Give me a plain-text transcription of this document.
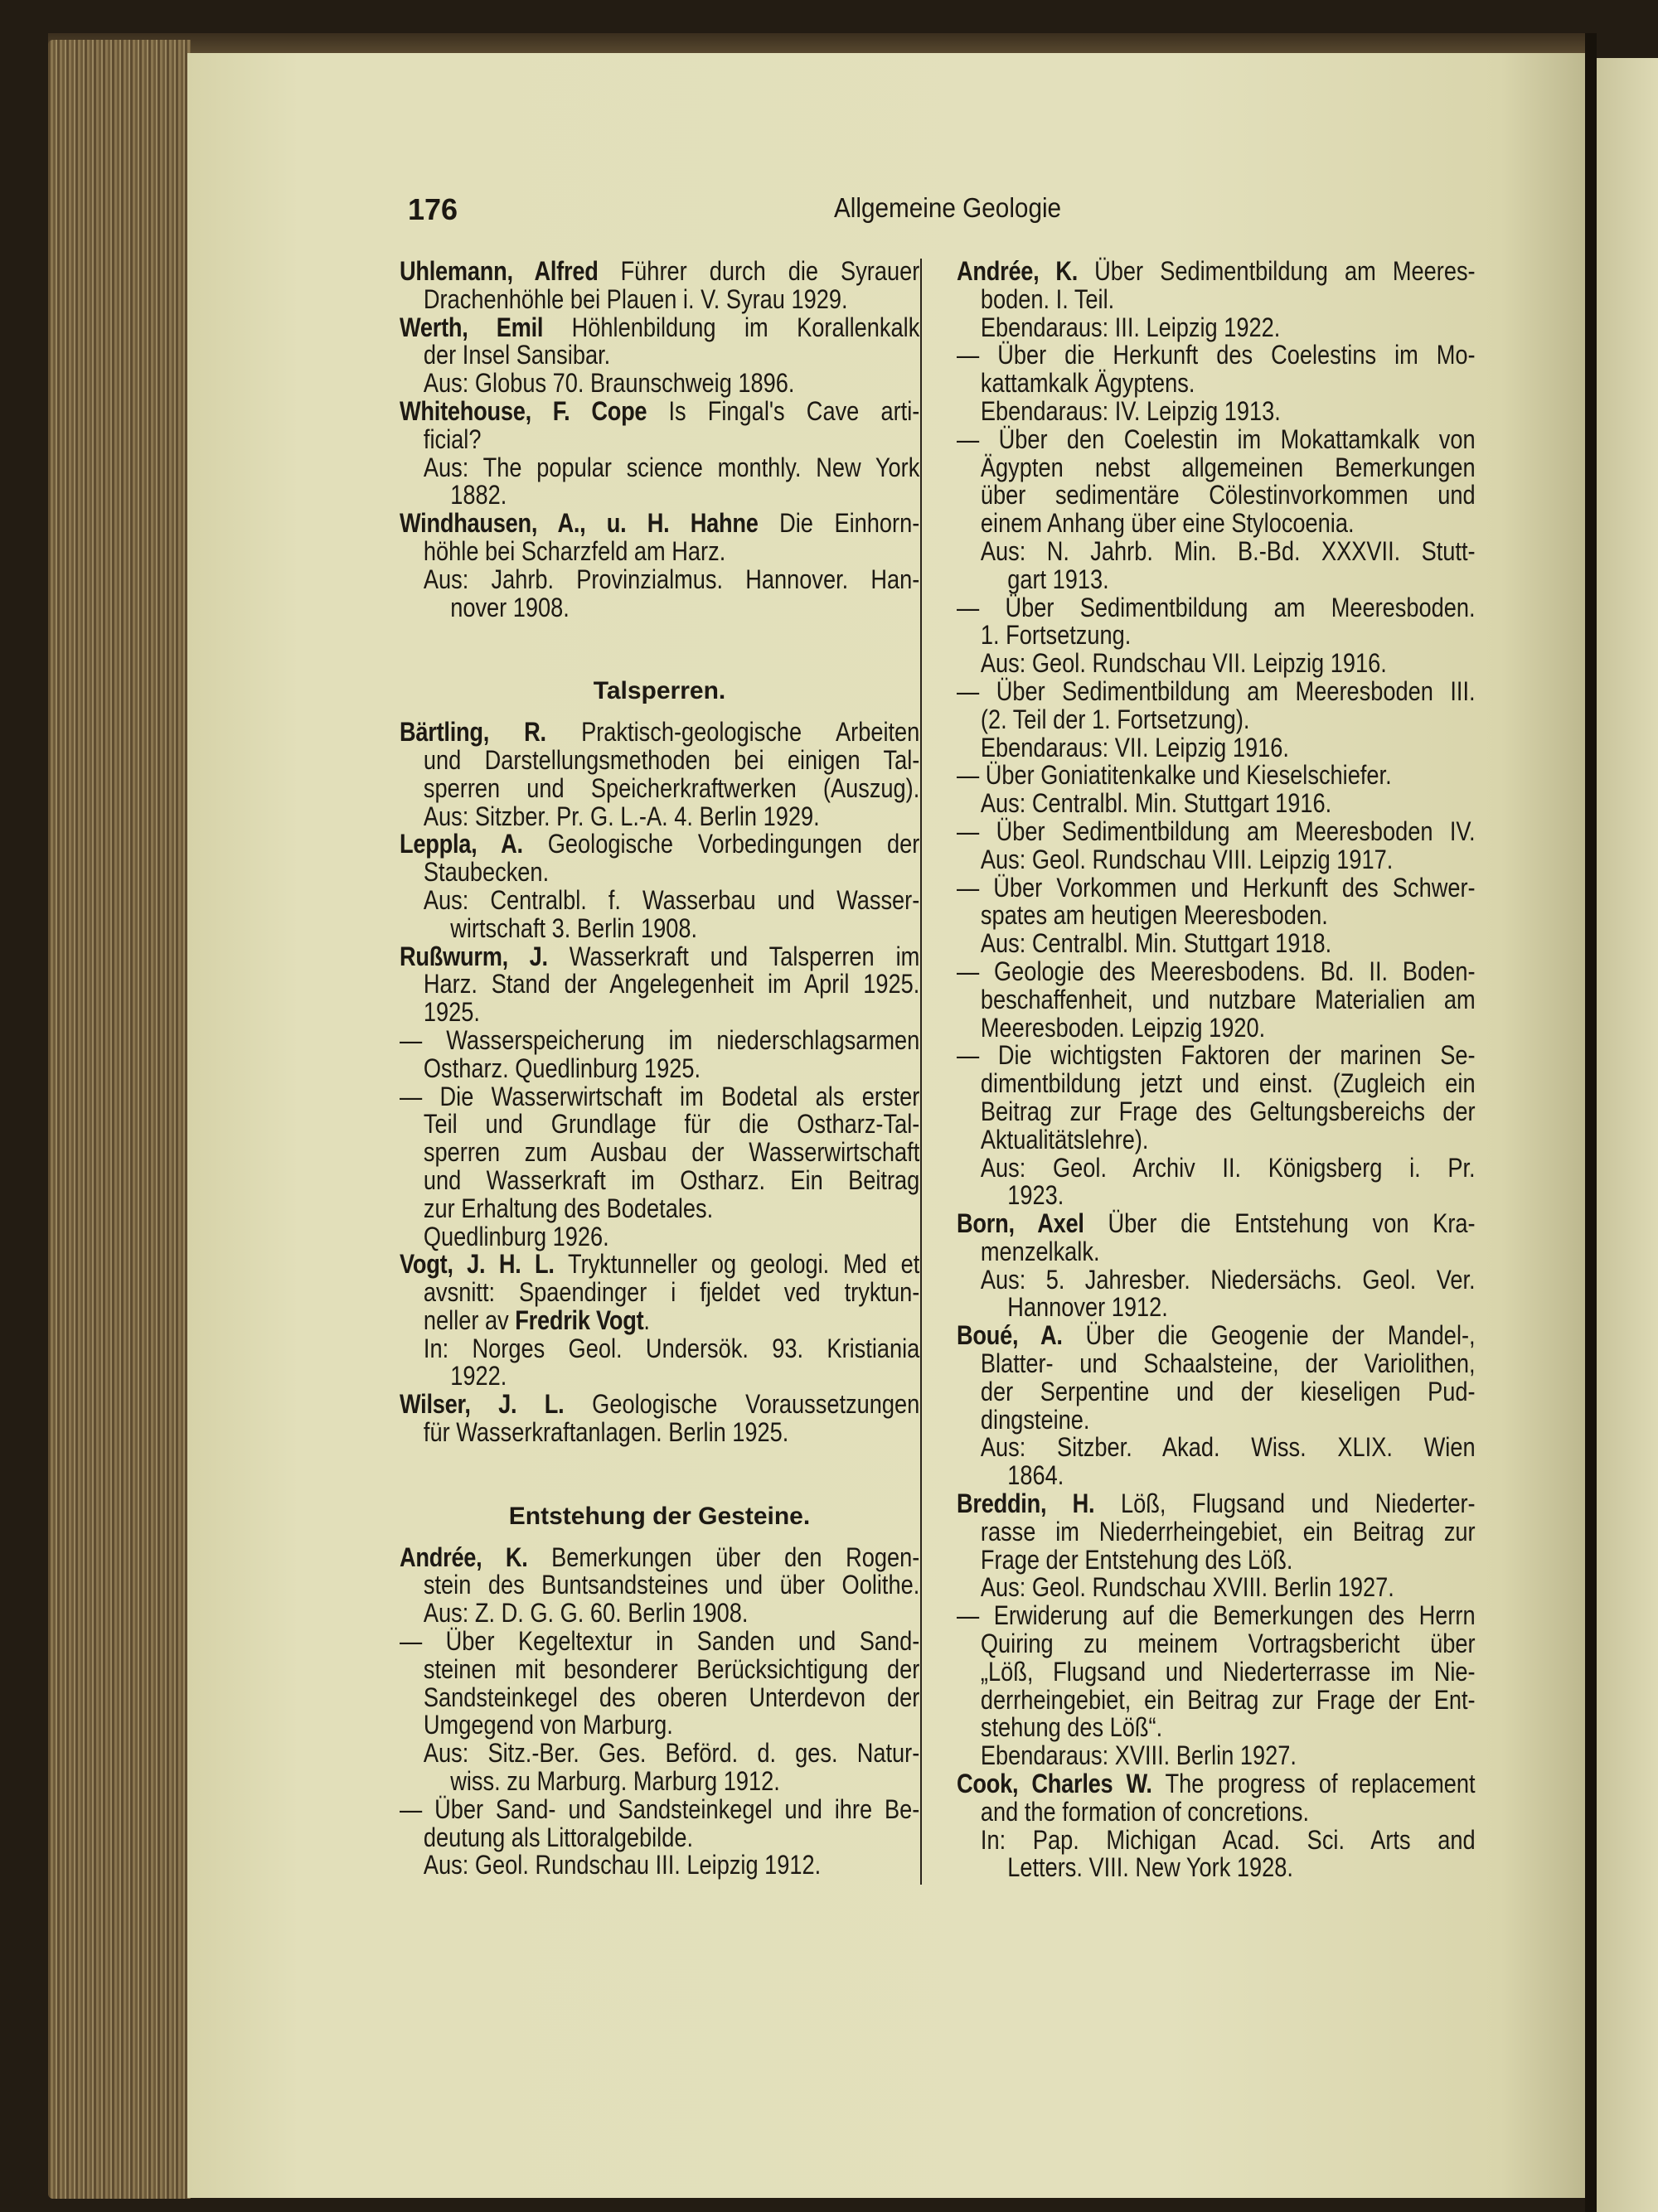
176	Allgemeine Geologie
Uhlemann, Alfred Führer durch die Syrauer
Drachenhöhle bei Plauen i. V. Syrau 1929.
Werth, Emil Höhlenbildung im Korallenkalk
der Insel Sansibar.
Aus: Globus 70. Braunschweig 1896.
Whitehouse, F. Cope Is Fingal's Cave arti-
ficial?
Aus: The popular science monthly. New York
1882.
Windhausen, A., u. H. Hahne Die Einhorn-
höhle bei Scharzfeld am Harz.
Aus: Jahrb. Provinzialmus. Hannover. Han-
nover 1908.
Talsperren.
Bärtling, R. Praktisch-geologische Arbeiten
und Darstellungsmethoden bei einigen Tal-
sperren und Speicherkraftwerken (Auszug).
Aus: Sitzber. Pr. G. L.-A. 4. Berlin 1929.
Leppla, A. Geologische Vorbedingungen der
Staubecken.
Aus: Centralbl. f. Wasserbau und Wasser-
wirtschaft 3. Berlin 1908.
Rußwurm, J. Wasserkraft und Talsperren im
Harz. Stand der Angelegenheit im April 1925.
1925.
— Wasserspeicherung im niederschlagsarmen
Ostharz. Quedlinburg 1925.
— Die Wasserwirtschaft im Bodetal als erster
Teil und Grundlage für die Ostharz-Tal-
sperren zum Ausbau der Wasserwirtschaft
und Wasserkraft im Ostharz. Ein Beitrag
zur Erhaltung des Bodetales.
Quedlinburg 1926.
Vogt, J. H. L. Tryktunneller og geologi. Med et
avsnitt: Spaendinger i fjeldet ved tryktun-
neller av Fredrik Vogt.
In: Norges Geol. Undersök. 93. Kristiania
1922.
Wilser, J. L. Geologische Voraussetzungen
für Wasserkraftanlagen. Berlin 1925.
Entstehung der Gesteine.
Andrée, K. Bemerkungen über den Rogen-
stein des Buntsandsteines und über Oolithe.
Aus: Z. D. G. G. 60. Berlin 1908.
— Über Kegeltextur in Sanden und Sand-
steinen mit besonderer Berücksichtigung der
Sandsteinkegel des oberen Unterdevon der
Umgegend von Marburg.
Aus: Sitz.-Ber. Ges. Beförd. d. ges. Natur-
wiss. zu Marburg. Marburg 1912.
— Über Sand- und Sandsteinkegel und ihre Be-
deutung als Littoralgebilde.
Aus: Geol. Rundschau III. Leipzig 1912.
Andrée, K. Über Sedimentbildung am Meeres-
boden. I. Teil.
Ebendaraus: III. Leipzig 1922.
— Über die Herkunft des Coelestins im Mo-
kattamkalk Ägyptens.
Ebendaraus: IV. Leipzig 1913.
— Über den Coelestin im Mokattamkalk von
Ägypten nebst allgemeinen Bemerkungen
über sedimentäre Cölestinvorkommen und
einem Anhang über eine Stylocoenia.
Aus: N. Jahrb. Min. B.-Bd. XXXVII. Stutt-
gart 1913.
— Über Sedimentbildung am Meeresboden.
1. Fortsetzung.
Aus: Geol. Rundschau VII. Leipzig 1916.
— Über Sedimentbildung am Meeresboden III.
(2. Teil der 1. Fortsetzung).
Ebendaraus: VII. Leipzig 1916.
— Über Goniatitenkalke und Kieselschiefer.
Aus: Centralbl. Min. Stuttgart 1916.
— Über Sedimentbildung am Meeresboden IV.
Aus: Geol. Rundschau VIII. Leipzig 1917.
— Über Vorkommen und Herkunft des Schwer-
spates am heutigen Meeresboden.
Aus: Centralbl. Min. Stuttgart 1918.
— Geologie des Meeresbodens. Bd. II. Boden-
beschaffenheit, und nutzbare Materialien am
Meeresboden. Leipzig 1920.
— Die wichtigsten Faktoren der marinen Se-
dimentbildung jetzt und einst. (Zugleich ein
Beitrag zur Frage des Geltungsbereichs der
Aktualitätslehre).
Aus: Geol. Archiv II. Königsberg i. Pr.
1923.
Born, Axel Über die Entstehung von Kra-
menzelkalk.
Aus: 5. Jahresber. Niedersächs. Geol. Ver.
Hannover 1912.
Boué, A. Über die Geogenie der Mandel-,
Blatter- und Schaalsteine, der Variolithen,
der Serpentine und der kieseligen Pud-
dingsteine.
Aus: Sitzber. Akad. Wiss. XLIX. Wien
1864.
Breddin, H. Löß, Flugsand und Niederter-
rasse im Niederrheingebiet, ein Beitrag zur
Frage der Entstehung des Löß.
Aus: Geol. Rundschau XVIII. Berlin 1927.
— Erwiderung auf die Bemerkungen des Herrn
Quiring zu meinem Vortragsbericht über
„Löß, Flugsand und Niederterrasse im Nie-
derrheingebiet, ein Beitrag zur Frage der Ent-
stehung des Löß“.
Ebendaraus: XVIII. Berlin 1927.
Cook, Charles W. The progress of replacement
and the formation of concretions.
In: Pap. Michigan Acad. Sci. Arts and
Letters. VIII. New York 1928.
